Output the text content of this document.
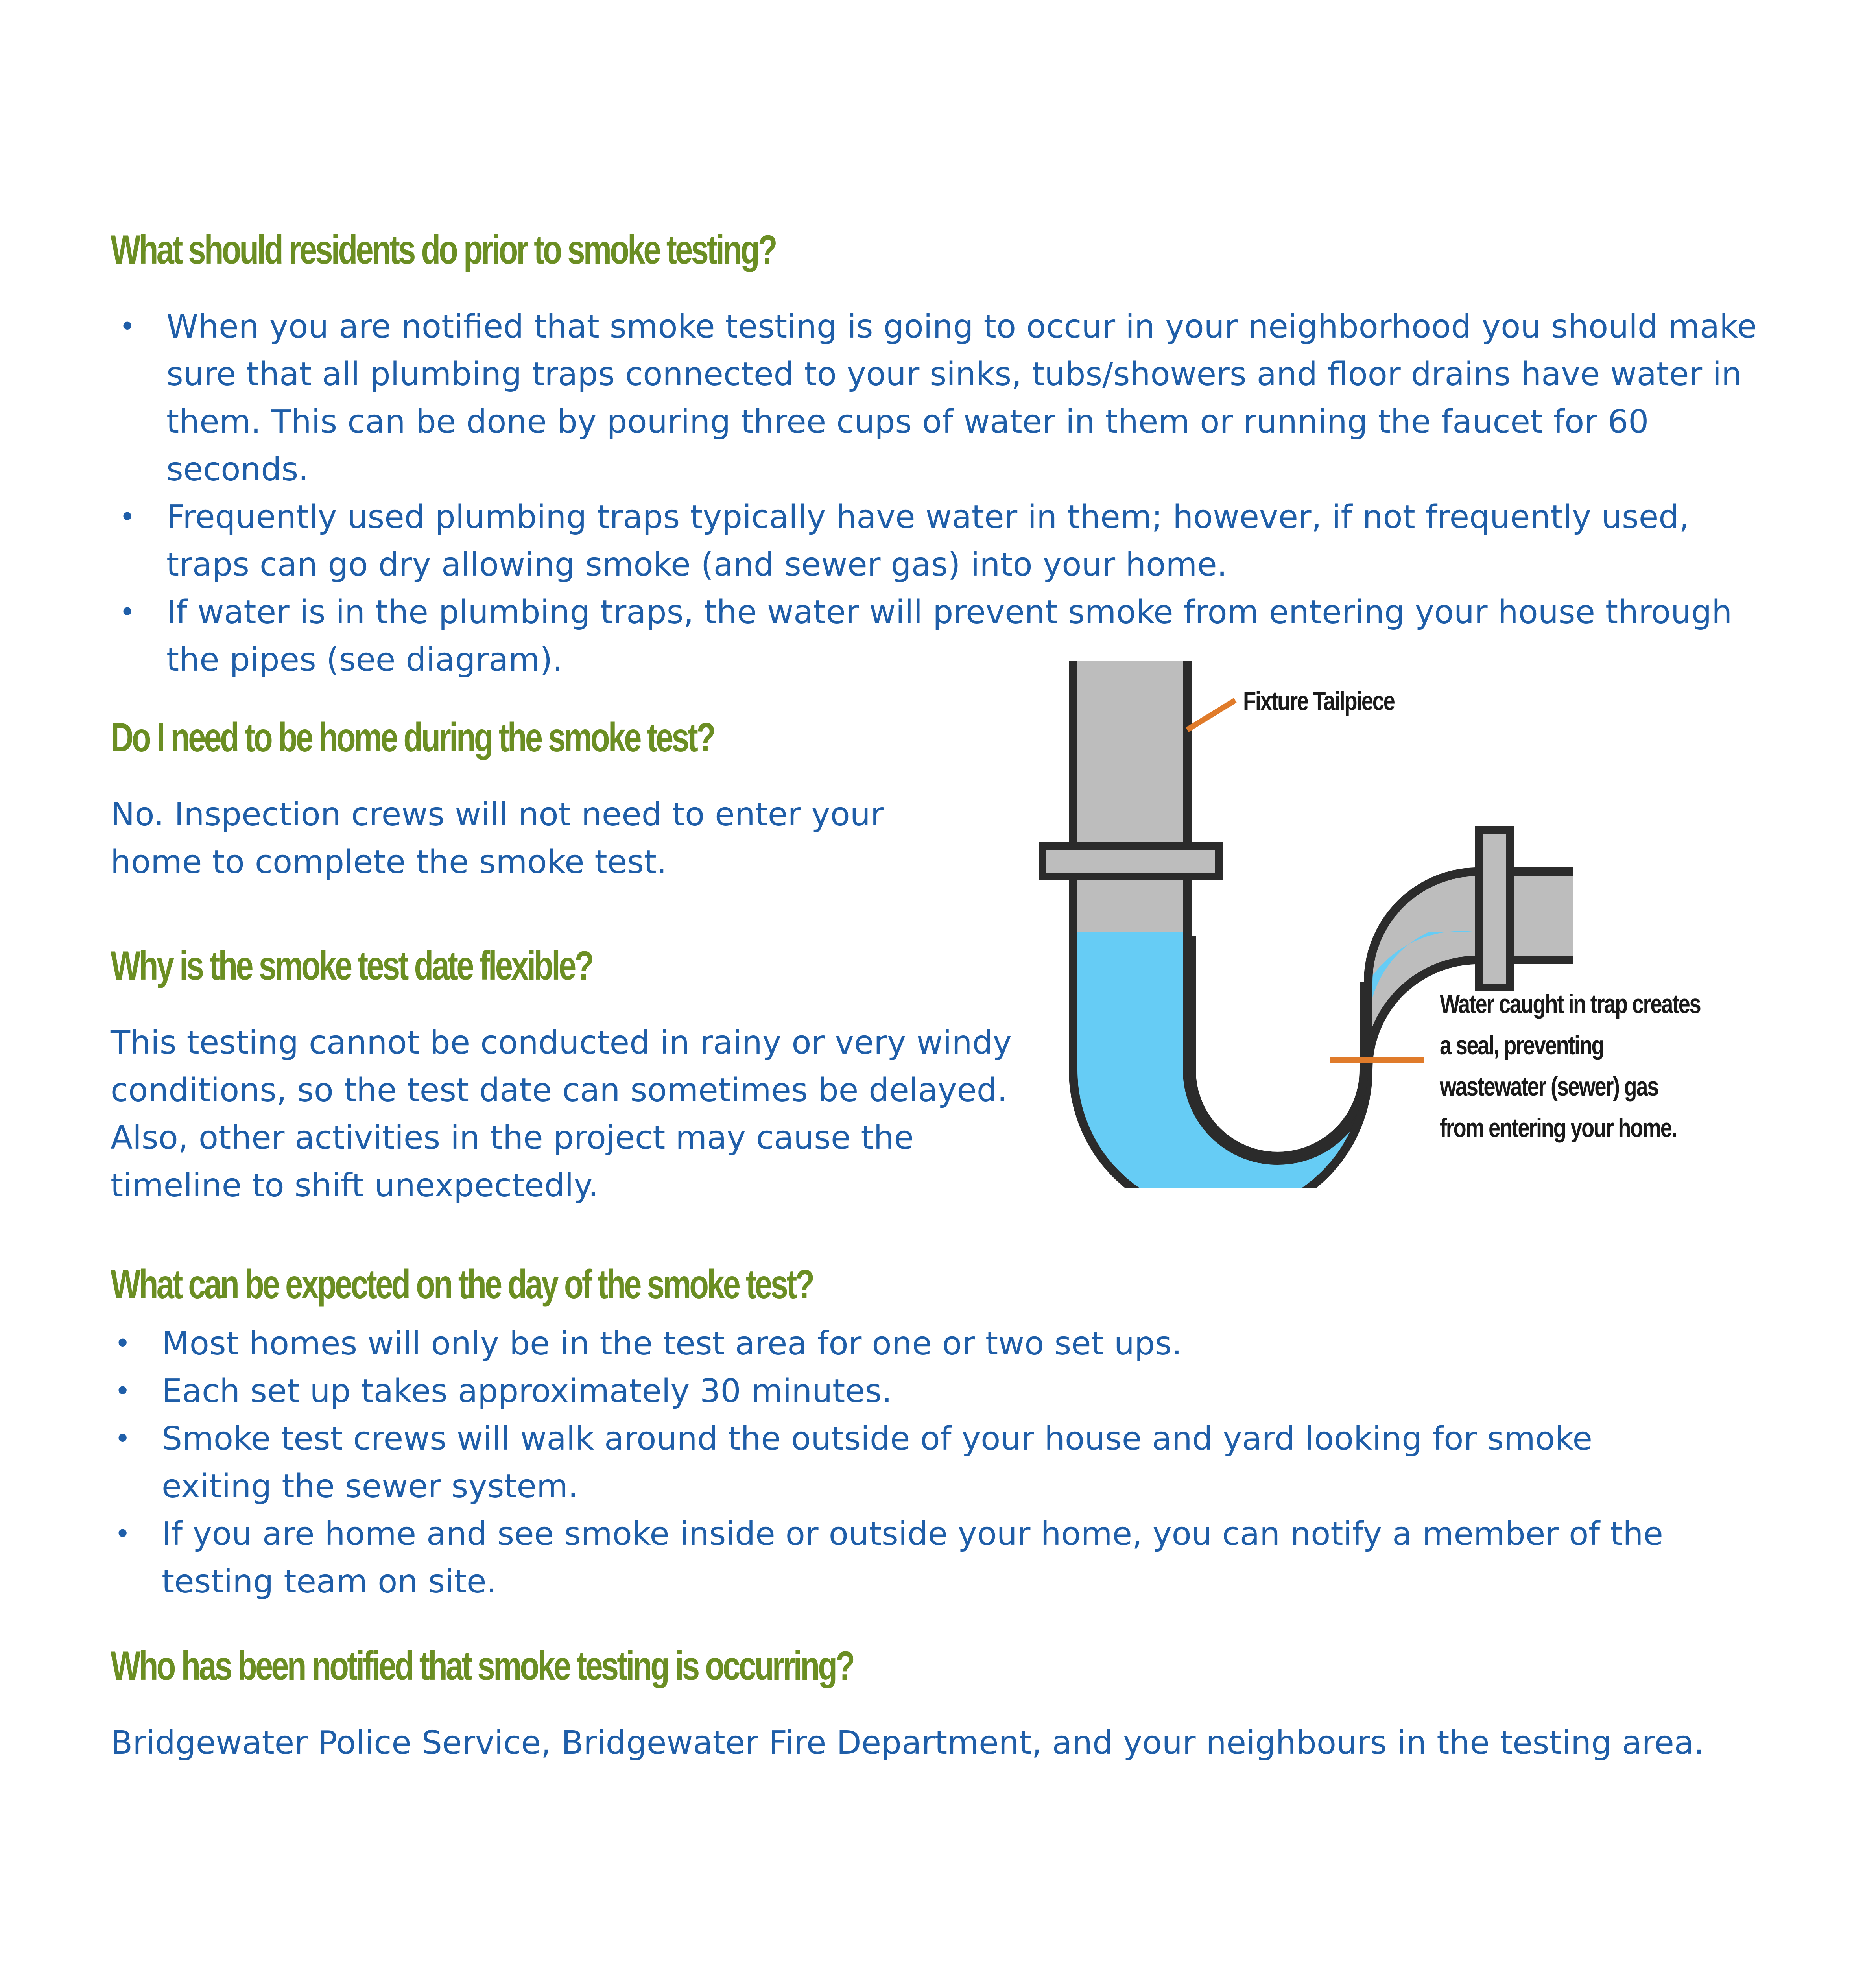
What should residents do prior to smoke testing?
• When you are notified that smoke testing is going to occur in your neighborhood you should make sure that all plumbing traps connected to your sinks, tubs/showers and floor drains have water in them. This can be done by pouring three cups of water in them or running the faucet for 60 seconds.
• Frequently used plumbing traps typically have water in them; however, if not frequently used, traps can go dry allowing smoke (and sewer gas) into your home.
• If water is in the plumbing traps, the water will prevent smoke from entering your house through the pipes (see diagram).
Do I need to be home during the smoke test?

No. Inspection crews will not need to enter your home to complete the smoke test.

Why is the smoke test date flexible?

This testing cannot be conducted in rainy or very windy conditions, so the test date can sometimes be delayed. Also, other activities in the project may cause the timeline to shift unexpectedly.

Fixture Tailpiece
Water caught in trap creates
a seal, preventing
wastewater (sewer) gas
from entering your home.
What can be expected on the day of the smoke test?
• Most homes will only be in the test area for one or two set ups.
• Each set up takes approximately 30 minutes.
• Smoke test crews will walk around the outside of your house and yard looking for smoke exiting the sewer system.
• If you are home and see smoke inside or outside your home, you can notify a member of the testing team on site.
Who has been notified that smoke testing is occurring?

Bridgewater Police Service, Bridgewater Fire Department, and your neighbours in the testing area.
